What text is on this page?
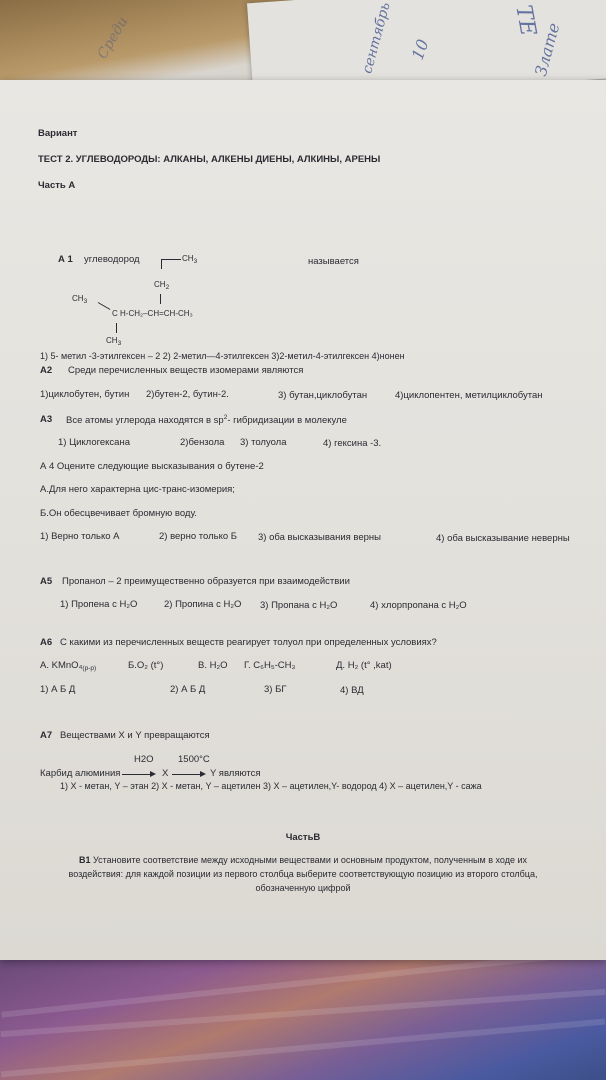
ТЕ
10	Злате
сентябрь
Среди
Вариант
ТЕСТ 2. УГЛЕВОДОРОДЫ: АЛКАНЫ, АЛКЕНЫ ДИЕНЫ, АЛКИНЫ, АРЕНЫ
Часть А
А 1 углеводород	называется
$CH_3$
$CH_2$
$CH_3$
C H-CH₂–CH=CH-CH₃
$CH_3$
1) 5- метил -3-этилгексен – 2 2) 2-метил—4-этилгексен 3)2-метил-4-этилгексен 4)нонен
А2 Среди перечисленных веществ изомерами являются
1)циклобутен, бутин 2)бутен-2, бутин-2.	3) бутан,циклобутан	4)циклопентен, метилциклобутан
А3 Все атомы углерода находятся в $sp^2-$ гибридизации в молекуле
1) Циклогексана	2)бензола 3) толуола	4) гексина -3.
А 4 Оцените следующие высказывания о бутене-2
А.Для него характерна цис-транс-изомерия;
Б.Он обесцвечивает бромную воду.
1) Верно только А	2) верно только Б 3) оба высказывания верны	4) оба высказывание неверны
А5 Пропанол – 2 преимущественно образуется при взаимодействии
1) Пропена с H₂O	2) Пропина с H₂O 3) Пропана с H₂O	4) хлорпропана с H₂O
А6 С какими из перечисленных веществ реагирует толуол при определенных условиях?
А. $KMnO_4_{(р-р)}$	Б.O₂ (t°)	В. H₂O Г. C₆H₅-CH₃	Д. H₂ (t° ,kat)
1) А Б Д	2) А Б Д	3) БГ	4) ВД
А7 Веществами X и Y превращаются
H2O	1500°C
Карбид алюминия	X	Y являются
1) X - метан, Y – этан 2) X - метан, Y – ацетилен 3) X – ацетилен,Y- водород 4) X – ацетилен,Y - сажа
ЧастьВ
В1 Установите соответствие между исходными веществами и основным продуктом, полученным в ходе их
воздействия: для каждой позиции из первого столбца выберите соответствующую позицию из второго столбца,
обозначенную цифрой
